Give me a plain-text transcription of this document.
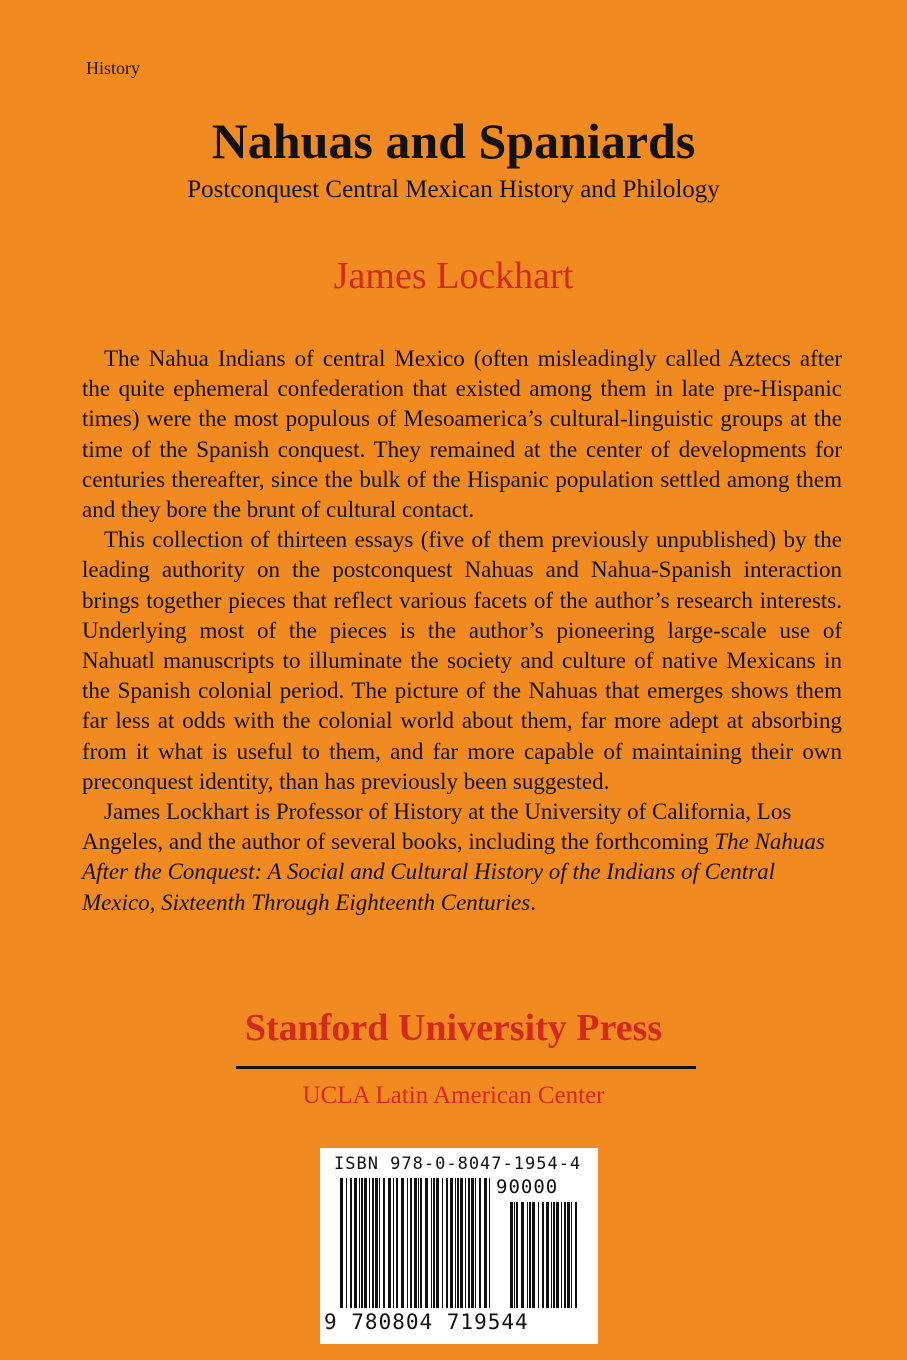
History
Nahuas and Spaniards
Postconquest Central Mexican History and Philology
James Lockhart

The Nahua Indians of central Mexico (often misleadingly called Aztecs after the quite ephemeral confederation that existed among them in late pre-Hispanic times) were the most populous of Mesoamerica’s cultural-linguistic groups at the time of the Spanish conquest. They remained at the center of developments for centuries thereafter, since the bulk of the Hispanic population settled among them and they bore the brunt of cultural contact.

This collection of thirteen essays (five of them previously unpublished) by the leading authority on the postconquest Nahuas and Nahua-Spanish interaction brings together pieces that reflect various facets of the author’s research interests. Underlying most of the pieces is the author’s pioneering large-scale use of Nahuatl manuscripts to illuminate the society and culture of native Mexicans in the Spanish colonial period. The picture of the Nahuas that emerges shows them far less at odds with the colonial world about them, far more adept at absorbing from it what is useful to them, and far more capable of maintaining their own preconquest identity, than has previously been suggested.

James Lockhart is Professor of History at the University of California, Los Angeles, and the author of several books, including the forthcoming The Nahuas After the Conquest: A Social and Cultural History of the Indians of Central Mexico, Sixteenth Through Eighteenth Centuries.

Stanford University Press
UCLA Latin American Center
ISBN 978-0-8047-1954-4
90000
9 780804 719544
